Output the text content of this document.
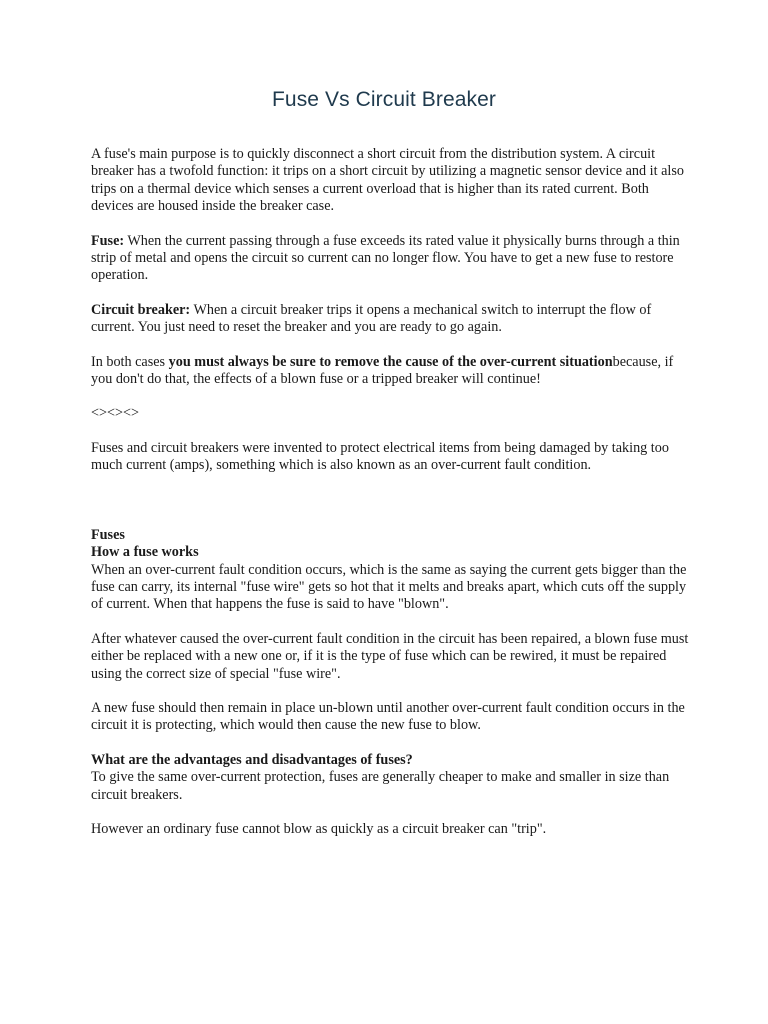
Fuse Vs Circuit Breaker

A fuse's main purpose is to quickly disconnect a short circuit from the distribution system. A circuit breaker has a twofold function: it trips on a short circuit by utilizing a magnetic sensor device and it also trips on a thermal device which senses a current overload that is higher than its rated current. Both devices are housed inside the breaker case.

Fuse: When the current passing through a fuse exceeds its rated value it physically burns through a thin strip of metal and opens the circuit so current can no longer flow. You have to get a new fuse to restore operation.

Circuit breaker: When a circuit breaker trips it opens a mechanical switch to interrupt the flow of current. You just need to reset the breaker and you are ready to go again.

In both cases you must always be sure to remove the cause of the over-current situationbecause, if you don't do that, the effects of a blown fuse or a tripped breaker will continue!

<><><>

Fuses and circuit breakers were invented to protect electrical items from being damaged by taking too much current (amps), something which is also known as an over-current fault condition.

Fuses

How a fuse works

When an over-current fault condition occurs, which is the same as saying the current gets bigger than the fuse can carry, its internal "fuse wire" gets so hot that it melts and breaks apart, which cuts off the supply of current. When that happens the fuse is said to have "blown".

After whatever caused the over-current fault condition in the circuit has been repaired, a blown fuse must either be replaced with a new one or, if it is the type of fuse which can be rewired, it must be repaired using the correct size of special "fuse wire".

A new fuse should then remain in place un-blown until another over-current fault condition occurs in the circuit it is protecting, which would then cause the new fuse to blow.

What are the advantages and disadvantages of fuses?

To give the same over-current protection, fuses are generally cheaper to make and smaller in size than circuit breakers.

However an ordinary fuse cannot blow as quickly as a circuit breaker can "trip".
